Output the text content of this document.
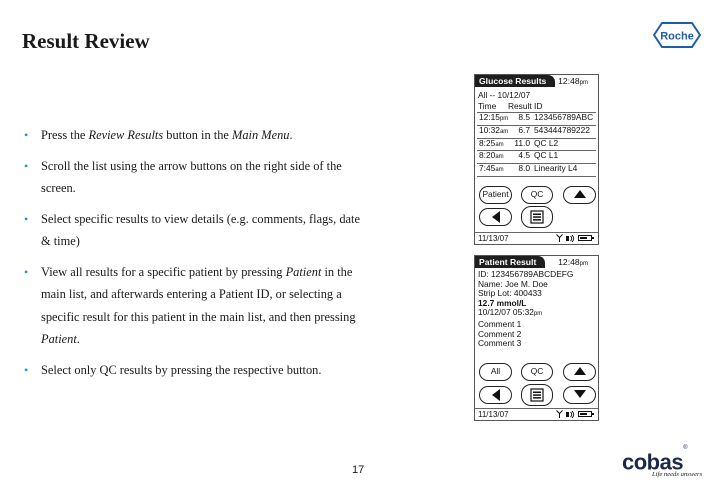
Result Review	Roche
• Press the Review Results button in the Main Menu.
• Scroll the list using the arrow buttons on the right side of the screen.
• Select specific results to view details (e.g. comments, flags, date & time)
• View all results for a specific patient by pressing Patient in the main list, and afterwards entering a Patient ID, or selecting a specific result for this patient in the main list, and then pressing Patient.
• Select only QC results by pressing the respective button.
Glucose Results	12:48pm
All -- 10/12/07
Time Result ID
12:15pm	8.5 123456789ABC
10:32am	6.7 543444789222
8:25am	11.0 QC L2
8:20am	4.5 QC L1
7:45am	8.0 Linearity L4
Patient	QC
11/13/07
Patient Result	12:48pm
ID: 123456789ABCDEFG
Name: Joe M. Doe
Strip Lot: 400433
12.7 mmol/L
10/12/07 05:32pm
Comment 1
Comment 2
Comment 3
All	QC
11/13/07
17	cobas®
Life needs answers
